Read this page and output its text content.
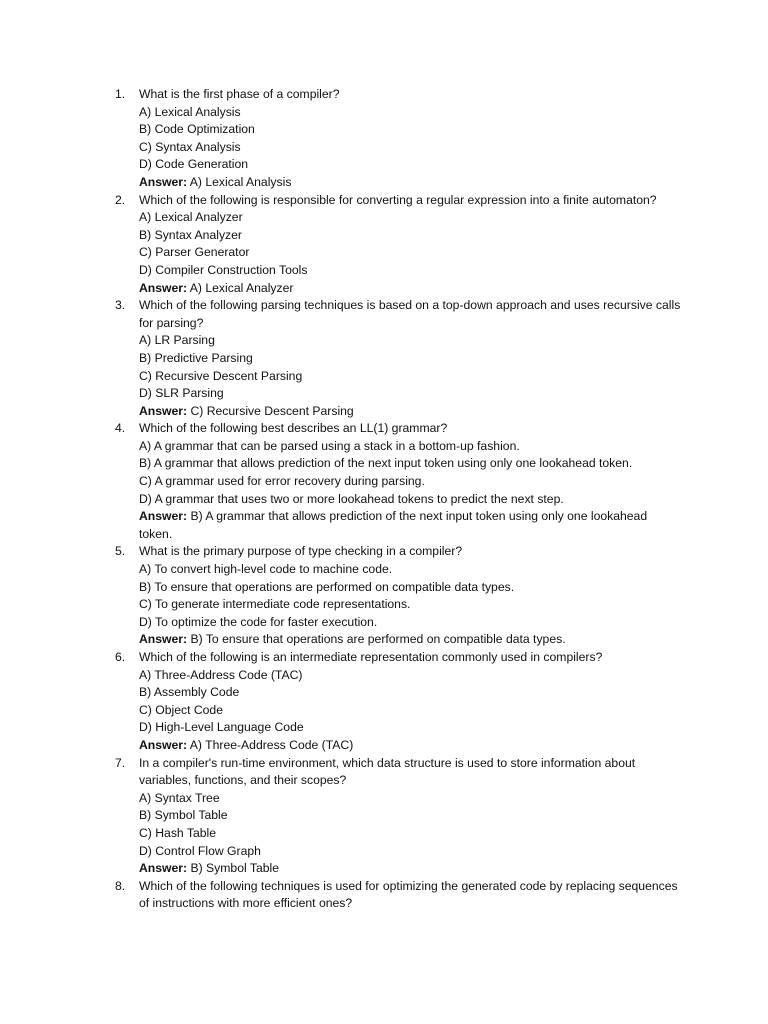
1. What is the first phase of a compiler?
A) Lexical Analysis
B) Code Optimization
C) Syntax Analysis
D) Code Generation
Answer: A) Lexical Analysis
2. Which of the following is responsible for converting a regular expression into a finite automaton?
A) Lexical Analyzer
B) Syntax Analyzer
C) Parser Generator
D) Compiler Construction Tools
Answer: A) Lexical Analyzer
3. Which of the following parsing techniques is based on a top-down approach and uses recursive calls for parsing?
A) LR Parsing
B) Predictive Parsing
C) Recursive Descent Parsing
D) SLR Parsing
Answer: C) Recursive Descent Parsing
4. Which of the following best describes an LL(1) grammar?
A) A grammar that can be parsed using a stack in a bottom-up fashion.
B) A grammar that allows prediction of the next input token using only one lookahead token.
C) A grammar used for error recovery during parsing.
D) A grammar that uses two or more lookahead tokens to predict the next step.
Answer: B) A grammar that allows prediction of the next input token using only one lookahead token.
5. What is the primary purpose of type checking in a compiler?
A) To convert high-level code to machine code.
B) To ensure that operations are performed on compatible data types.
C) To generate intermediate code representations.
D) To optimize the code for faster execution.
Answer: B) To ensure that operations are performed on compatible data types.
6. Which of the following is an intermediate representation commonly used in compilers?
A) Three-Address Code (TAC)
B) Assembly Code
C) Object Code
D) High-Level Language Code
Answer: A) Three-Address Code (TAC)
7. In a compiler's run-time environment, which data structure is used to store information about variables, functions, and their scopes?
A) Syntax Tree
B) Symbol Table
C) Hash Table
D) Control Flow Graph
Answer: B) Symbol Table
8. Which of the following techniques is used for optimizing the generated code by replacing sequences of instructions with more efficient ones?
